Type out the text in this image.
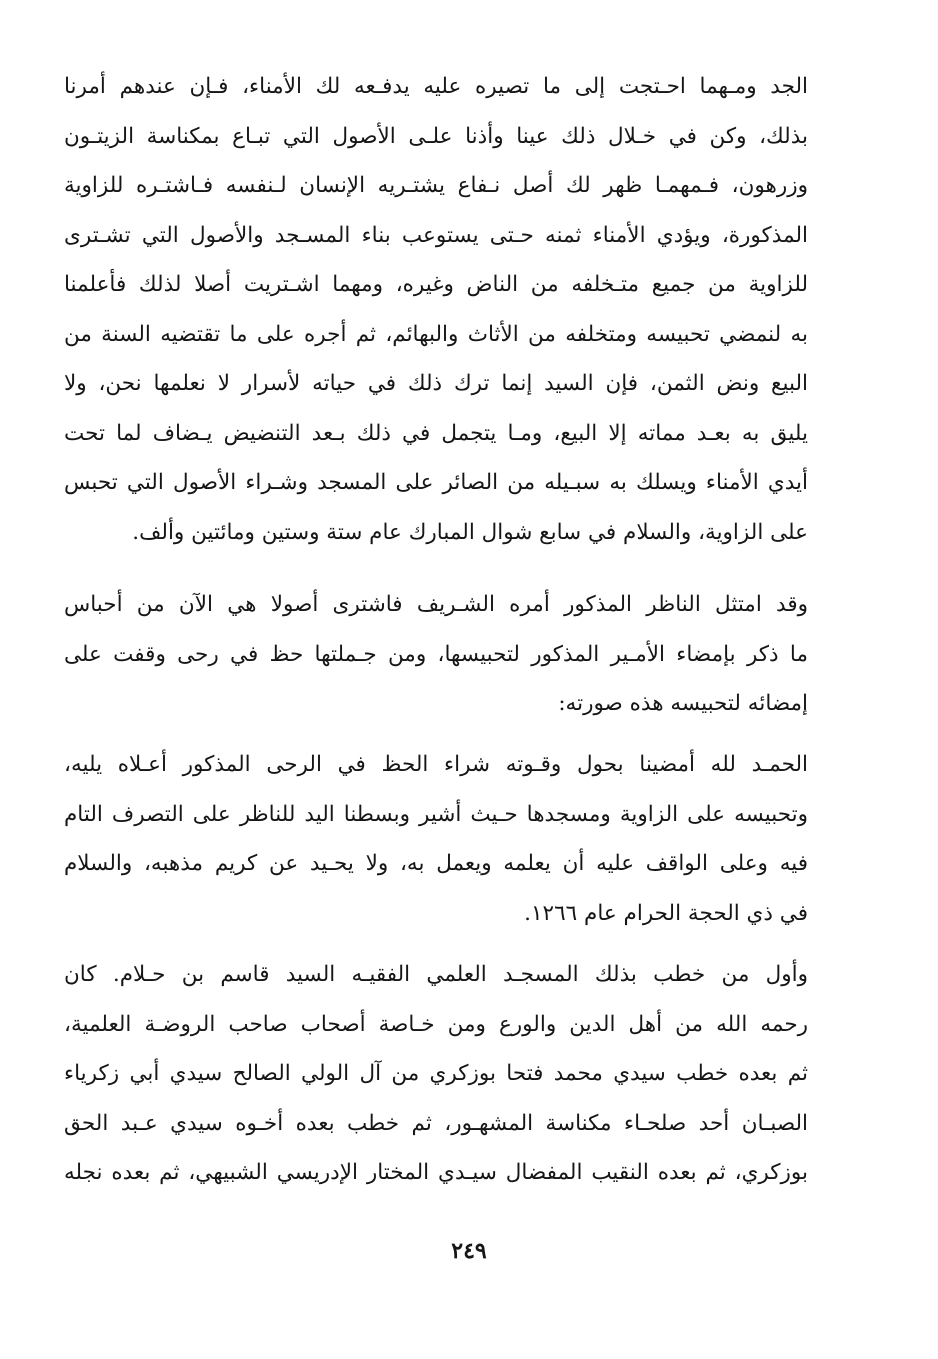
الجد ومـهما احـتجت إلى ما تصيره عليه يدفـعه لك الأمناء، فـإن عندهم أمرنا
بذلك، وكن في خـلال ذلك عينا وأذنا علـى الأصول التي تبـاع بمكناسة الزيتـون
وزرهون، فـمهمـا ظهر لك أصل نـفاع يشتـريه الإنسان لـنفسه فـاشتـره للزاوية
المذكورة، ويؤدي الأمناء ثمنه حـتى يستوعب بناء المسـجد والأصول التي تشـترى
للزاوية من جميع متـخلفه من الناض وغيره، ومهما اشـتريت أصلا لذلك فأعلمنا
به لنمضي تحبيسه ومتخلفه من الأثاث والبهائم، ثم أجره على ما تقتضيه السنة من
البيع ونض الثمن، فإن السيد إنما ترك ذلك في حياته لأسرار لا نعلمها نحن، ولا
يليق به بعـد مماته إلا البيع، ومـا يتجمل في ذلك بـعد التنضيض يـضاف لما تحت
أيدي الأمناء ويسلك به سبـيله من الصائر على المسجد وشـراء الأصول التي تحبس
على الزاوية، والسلام في سابع شوال المبارك عام ستة وستين ومائتين وألف.
وقد امتثل الناظر المذكور أمره الشـريف فاشترى أصولا هي الآن من أحباس
ما ذكر بإمضاء الأمـير المذكور لتحبيسها، ومن جـملتها حظ في رحى وقفت على
إمضائه لتحبيسه هذه صورته:
الحمـد لله أمضينا بحول وقـوته شراء الحظ في الرحى المذكور أعـلاه يليه،
وتحبيسه على الزاوية ومسجدها حـيث أشير وبسطنا اليد للناظر على التصرف التام
فيه وعلى الواقف عليه أن يعلمه ويعمل به، ولا يحـيد عن كريم مذهبه، والسلام
في ذي الحجة الحرام عام ١٢٦٦.
وأول من خطب بذلك المسجـد العلمي الفقيـه السيد قاسم بن حـلام. كان
رحمه الله من أهل الدين والورع ومن خـاصة أصحاب صاحب الروضـة العلمية،
ثم بعده خطب سيدي محمد فتحا بوزكري من آل الولي الصالح سيدي أبي زكرياء
الصبـان أحد صلحـاء مكناسة المشهـور، ثم خطب بعده أخـوه سيدي عـبد الحق
بوزكري، ثم بعده النقيب المفضال سيـدي المختار الإدريسي الشبيهي، ثم بعده نجله
٢٤٩
